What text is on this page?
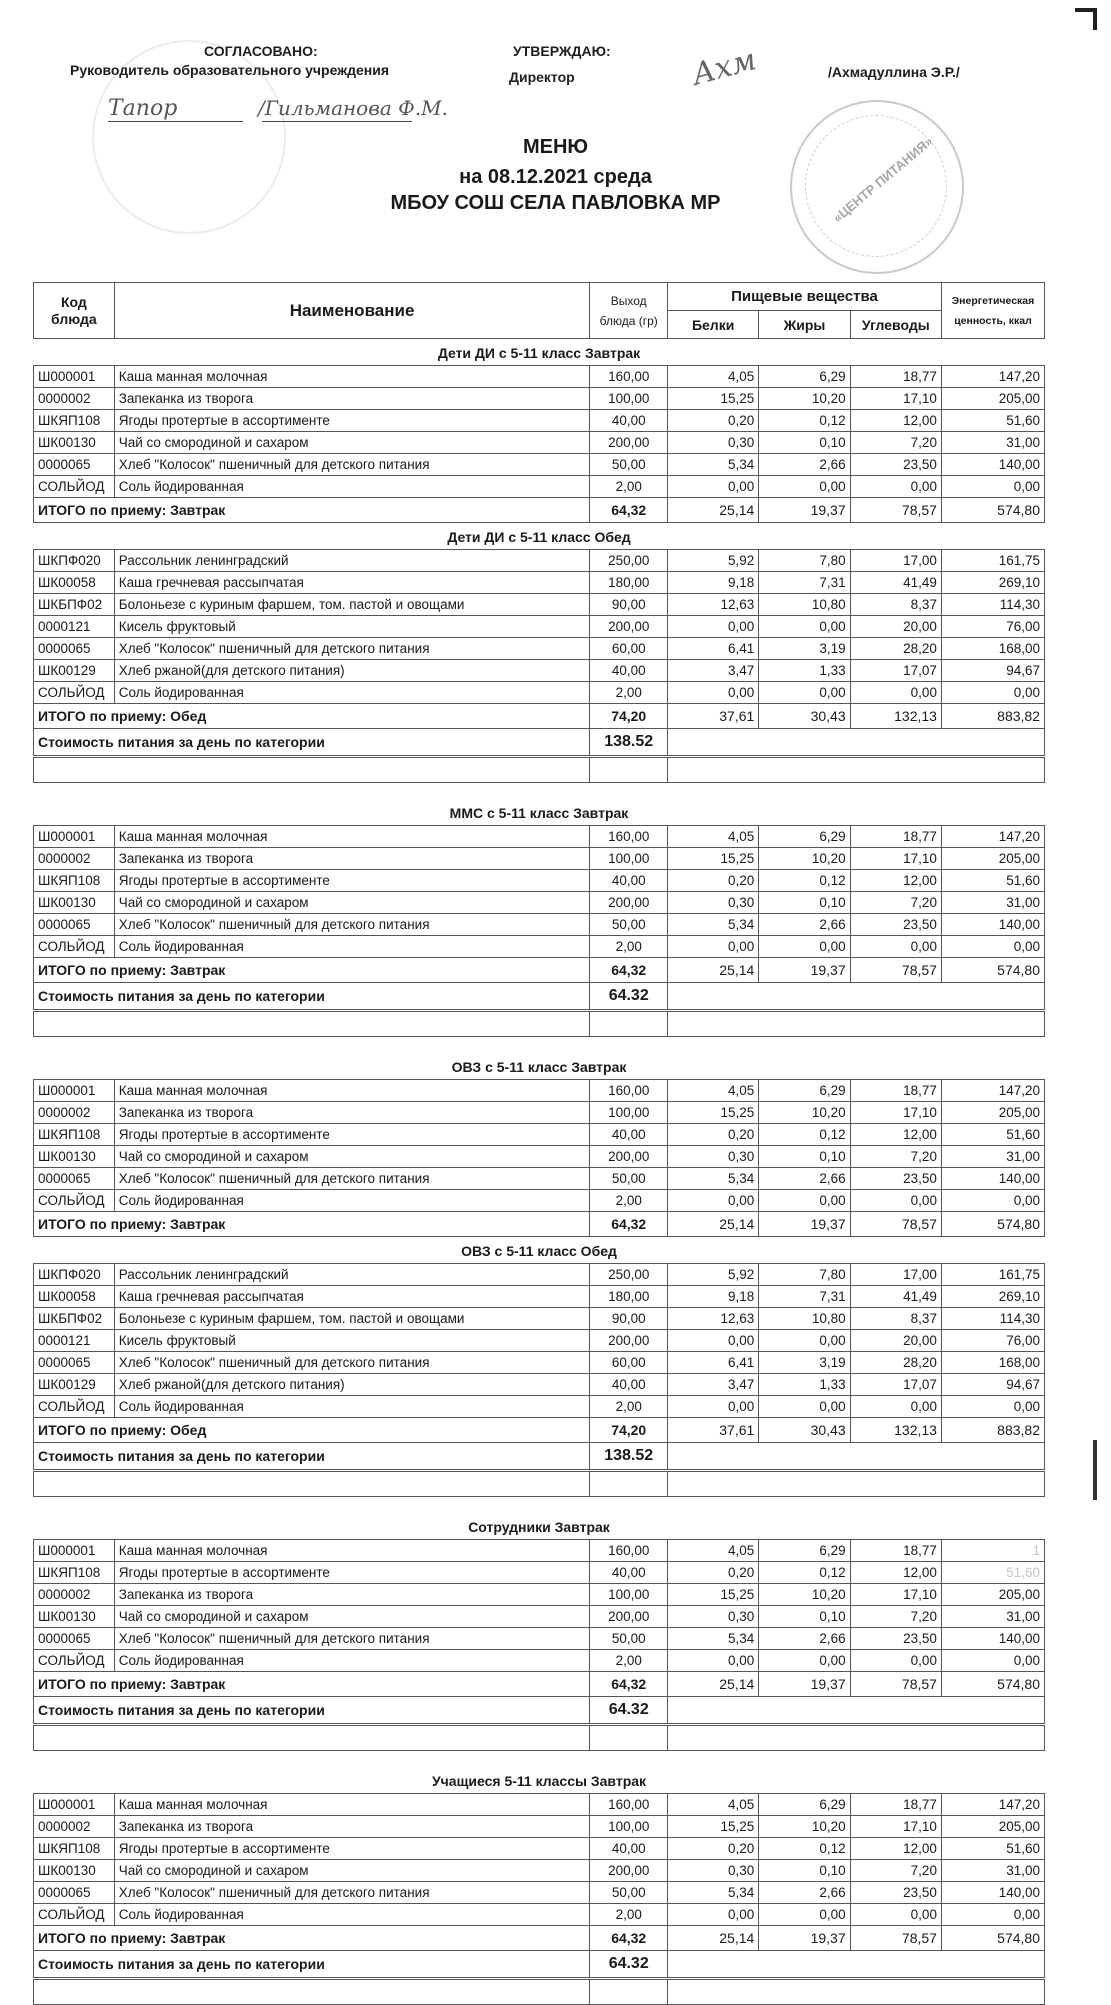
СОГЛАСОВАНО:
Руководитель образовательного учреждения
Тапор	/Гильманова Ф.М.
УТВЕРЖДАЮ:
Директор	Ахм	/Ахмадуллина Э.Р./
«ЦЕНТР ПИТАНИЯ»
МЕНЮ
на 08.12.2021 среда
МБОУ СОШ СЕЛА ПАВЛОВКА МР
Код блюда	Наименование	Выход блюда (гр)	Пищевые вещества			Энергетическая ценность, ккал
			Белки	Жиры	Углеводы	
Дети ДИ с 5-11 класс Завтрак						
Ш000001	Каша манная молочная	160,00	4,05	6,29	18,77	147,20
0000002	Запеканка из творога	100,00	15,25	10,20	17,10	205,00
ШКЯП108	Ягоды протертые в ассортименте	40,00	0,20	0,12	12,00	51,60
ШК00130	Чай со смородиной и сахаром	200,00	0,30	0,10	7,20	31,00
0000065	Хлеб "Колосок" пшеничный для детского питания	50,00	5,34	2,66	23,50	140,00
СОЛЬЙОД	Соль йодированная	2,00	0,00	0,00	0,00	0,00
ИТОГО по приему: Завтрак		64,32	25,14	19,37	78,57	574,80
Дети ДИ с 5-11 класс Обед						
ШКПФ020	Рассольник ленинградский	250,00	5,92	7,80	17,00	161,75
ШК00058	Каша гречневая рассыпчатая	180,00	9,18	7,31	41,49	269,10
ШКБПФ02	Болоньезе с куриным фаршем, том. пастой и овощами	90,00	12,63	10,80	8,37	114,30
0000121	Кисель фруктовый	200,00	0,00	0,00	20,00	76,00
0000065	Хлеб "Колосок" пшеничный для детского питания	60,00	6,41	3,19	28,20	168,00
ШК00129	Хлеб ржаной(для детского питания)	40,00	3,47	1,33	17,07	94,67
СОЛЬЙОД	Соль йодированная	2,00	0,00	0,00	0,00	0,00
ИТОГО по приему: Обед		74,20	37,61	30,43	132,13	883,82
Стоимость питания за день по категории		138.52				

ММС с 5-11 класс Завтрак						
Ш000001	Каша манная молочная	160,00	4,05	6,29	18,77	147,20
0000002	Запеканка из творога	100,00	15,25	10,20	17,10	205,00
ШКЯП108	Ягоды протертые в ассортименте	40,00	0,20	0,12	12,00	51,60
ШК00130	Чай со смородиной и сахаром	200,00	0,30	0,10	7,20	31,00
0000065	Хлеб "Колосок" пшеничный для детского питания	50,00	5,34	2,66	23,50	140,00
СОЛЬЙОД	Соль йодированная	2,00	0,00	0,00	0,00	0,00
ИТОГО по приему: Завтрак		64,32	25,14	19,37	78,57	574,80
Стоимость питания за день по категории		64.32				

ОВЗ с 5-11 класс Завтрак						
Ш000001	Каша манная молочная	160,00	4,05	6,29	18,77	147,20
0000002	Запеканка из творога	100,00	15,25	10,20	17,10	205,00
ШКЯП108	Ягоды протертые в ассортименте	40,00	0,20	0,12	12,00	51,60
ШК00130	Чай со смородиной и сахаром	200,00	0,30	0,10	7,20	31,00
0000065	Хлеб "Колосок" пшеничный для детского питания	50,00	5,34	2,66	23,50	140,00
СОЛЬЙОД	Соль йодированная	2,00	0,00	0,00	0,00	0,00
ИТОГО по приему: Завтрак		64,32	25,14	19,37	78,57	574,80
ОВЗ с 5-11 класс Обед						
ШКПФ020	Рассольник ленинградский	250,00	5,92	7,80	17,00	161,75
ШК00058	Каша гречневая рассыпчатая	180,00	9,18	7,31	41,49	269,10
ШКБПФ02	Болоньезе с куриным фаршем, том. пастой и овощами	90,00	12,63	10,80	8,37	114,30
0000121	Кисель фруктовый	200,00	0,00	0,00	20,00	76,00
0000065	Хлеб "Колосок" пшеничный для детского питания	60,00	6,41	3,19	28,20	168,00
ШК00129	Хлеб ржаной(для детского питания)	40,00	3,47	1,33	17,07	94,67
СОЛЬЙОД	Соль йодированная	2,00	0,00	0,00	0,00	0,00
ИТОГО по приему: Обед		74,20	37,61	30,43	132,13	883,82
Стоимость питания за день по категории		138.52				

Сотрудники Завтрак						
Ш000001	Каша манная молочная	160,00	4,05	6,29	18,77	1
ШКЯП108	Ягоды протертые в ассортименте	40,00	0,20	0,12	12,00	51,60
0000002	Запеканка из творога	100,00	15,25	10,20	17,10	205,00
ШК00130	Чай со смородиной и сахаром	200,00	0,30	0,10	7,20	31,00
0000065	Хлеб "Колосок" пшеничный для детского питания	50,00	5,34	2,66	23,50	140,00
СОЛЬЙОД	Соль йодированная	2,00	0,00	0,00	0,00	0,00
ИТОГО по приему: Завтрак		64,32	25,14	19,37	78,57	574,80
Стоимость питания за день по категории		64.32				

Учащиеся 5-11 классы Завтрак						
Ш000001	Каша манная молочная	160,00	4,05	6,29	18,77	147,20
0000002	Запеканка из творога	100,00	15,25	10,20	17,10	205,00
ШКЯП108	Ягоды протертые в ассортименте	40,00	0,20	0,12	12,00	51,60
ШК00130	Чай со смородиной и сахаром	200,00	0,30	0,10	7,20	31,00
0000065	Хлеб "Колосок" пшеничный для детского питания	50,00	5,34	2,66	23,50	140,00
СОЛЬЙОД	Соль йодированная	2,00	0,00	0,00	0,00	0,00
ИТОГО по приему: Завтрак		64,32	25,14	19,37	78,57	574,80
Стоимость питания за день по категории		64.32				
